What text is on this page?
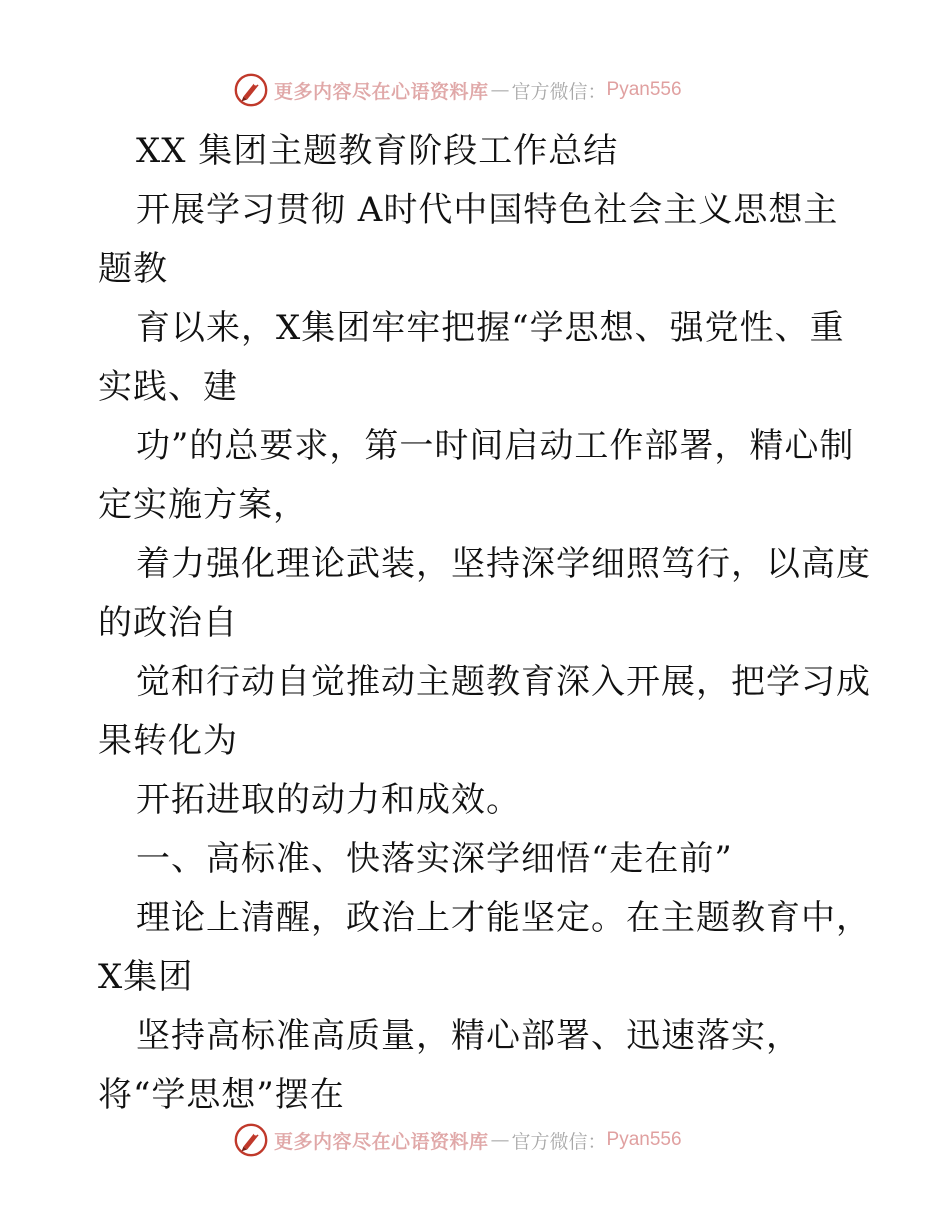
更多内容尽在心语资料库 — 官方微信： Pyan556
XX 集团主题教育阶段工作总结
开展学习贯彻 A时代中国特色社会主义思想主
题教
育以来，X集团牢牢把握“学思想、强党性、重
实践、建
功”的总要求，第一时间启动工作部署，精心制
定实施方案，
着力强化理论武装，坚持深学细照笃行，以高度
的政治自
觉和行动自觉推动主题教育深入开展，把学习成
果转化为
开拓进取的动力和成效。
一、高标准、快落实深学细悟“走在前”
理论上清醒，政治上才能坚定。在主题教育中，
X集团
坚持高标准高质量，精心部署、迅速落实，
将“学思想”摆在
更多内容尽在心语资料库 — 官方微信： Pyan556
